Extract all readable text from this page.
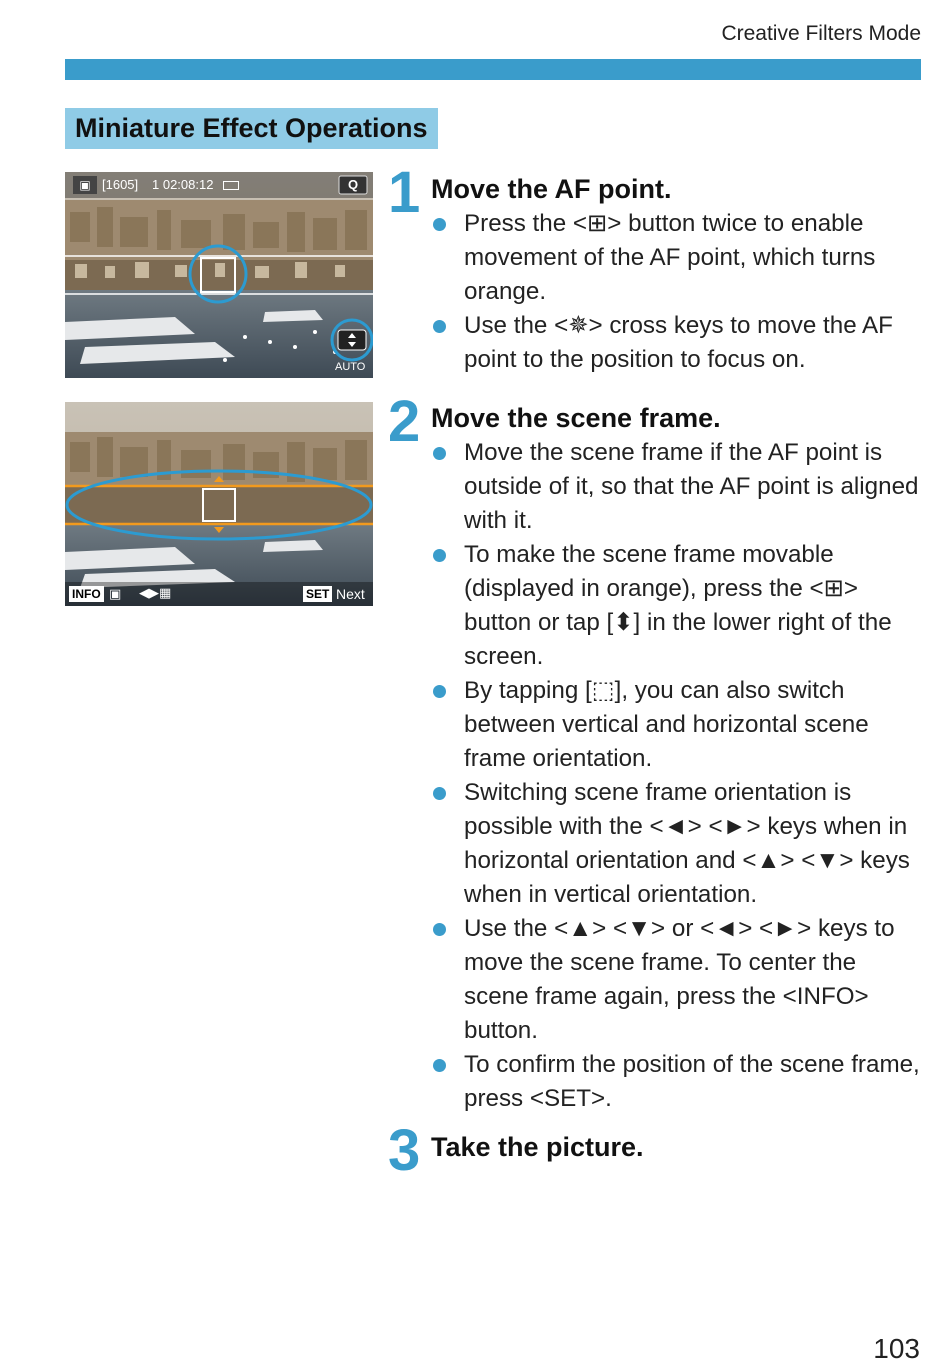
Creative Filters Mode
Miniature Effect Operations
▣ [1605] 1 02:08:12	Q
AUTO
INFO ▣ ◀▶▦	SET Next
1 Move the AF point.
Press the <⊞> button twice to enable movement of the AF point, which turns orange.
Use the <✵> cross keys to move the AF point to the position to focus on.
2 Move the scene frame.
Move the scene frame if the AF point is outside of it, so that the AF point is aligned with it.
To make the scene frame movable (displayed in orange), press the <⊞> button or tap [⬍] in the lower right of the screen.
By tapping [⬚], you can also switch between vertical and horizontal scene frame orientation.
Switching scene frame orientation is possible with the <◄> <►> keys when in horizontal orientation and <▲> <▼> keys when in vertical orientation.
Use the <▲> <▼> or <◄> <►> keys to move the scene frame. To center the scene frame again, press the <INFO> button.
To confirm the position of the scene frame, press <SET>.
3 Take the picture.
103
